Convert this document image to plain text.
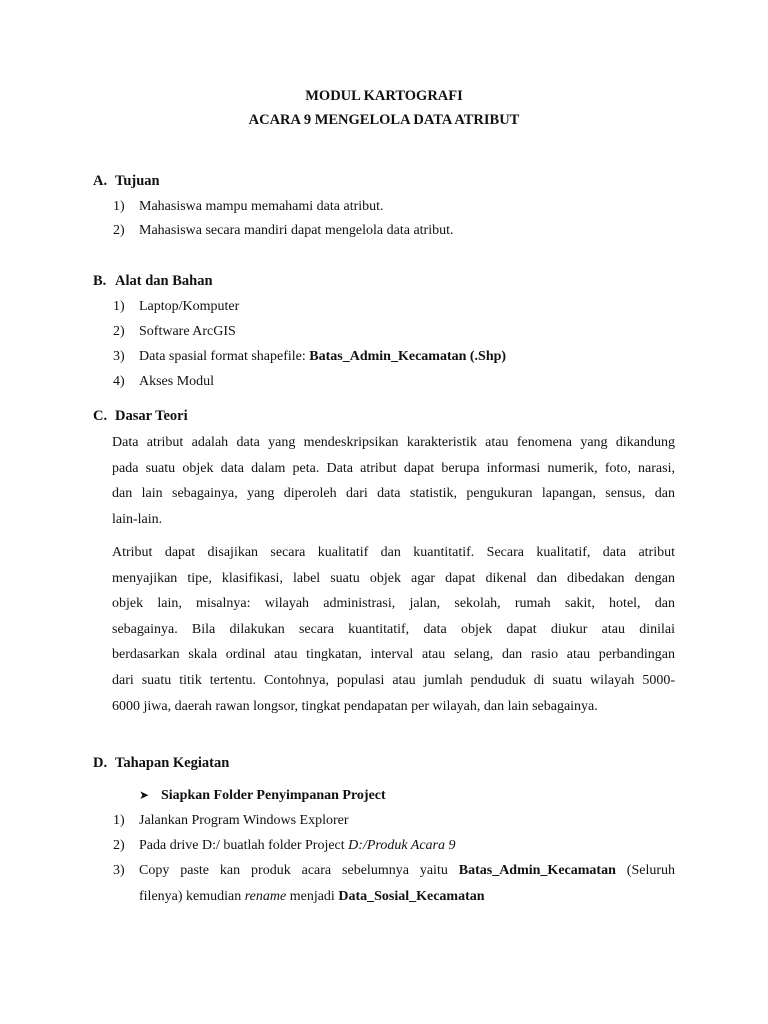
MODUL KARTOGRAFI
ACARA 9 MENGELOLA DATA ATRIBUT
A. Tujuan
1) Mahasiswa mampu memahami data atribut.
2) Mahasiswa secara mandiri dapat mengelola data atribut.
B. Alat dan Bahan
1) Laptop/Komputer
2) Software ArcGIS
3) Data spasial format shapefile: Batas_Admin_Kecamatan (.Shp)
4) Akses Modul
C. Dasar Teori
Data atribut adalah data yang mendeskripsikan karakteristik atau fenomena yang dikandung
pada suatu objek data dalam peta. Data atribut dapat berupa informasi numerik, foto, narasi,
dan lain sebagainya, yang diperoleh dari data statistik, pengukuran lapangan, sensus, dan
lain-lain.
Atribut dapat disajikan secara kualitatif dan kuantitatif. Secara kualitatif, data atribut
menyajikan tipe, klasifikasi, label suatu objek agar dapat dikenal dan dibedakan dengan
objek lain, misalnya: wilayah administrasi, jalan, sekolah, rumah sakit, hotel, dan
sebagainya. Bila dilakukan secara kuantitatif, data objek dapat diukur atau dinilai
berdasarkan skala ordinal atau tingkatan, interval atau selang, dan rasio atau perbandingan
dari suatu titik tertentu. Contohnya, populasi atau jumlah penduduk di suatu wilayah 5000-
6000 jiwa, daerah rawan longsor, tingkat pendapatan per wilayah, dan lain sebagainya.
D. Tahapan Kegiatan
➤ Siapkan Folder Penyimpanan Project
1) Jalankan Program Windows Explorer
2) Pada drive D:/ buatlah folder Project D:/Produk Acara 9
3) Copy paste kan produk acara sebelumnya yaitu Batas_Admin_Kecamatan (Seluruh
filenya) kemudian rename menjadi Data_Sosial_Kecamatan
